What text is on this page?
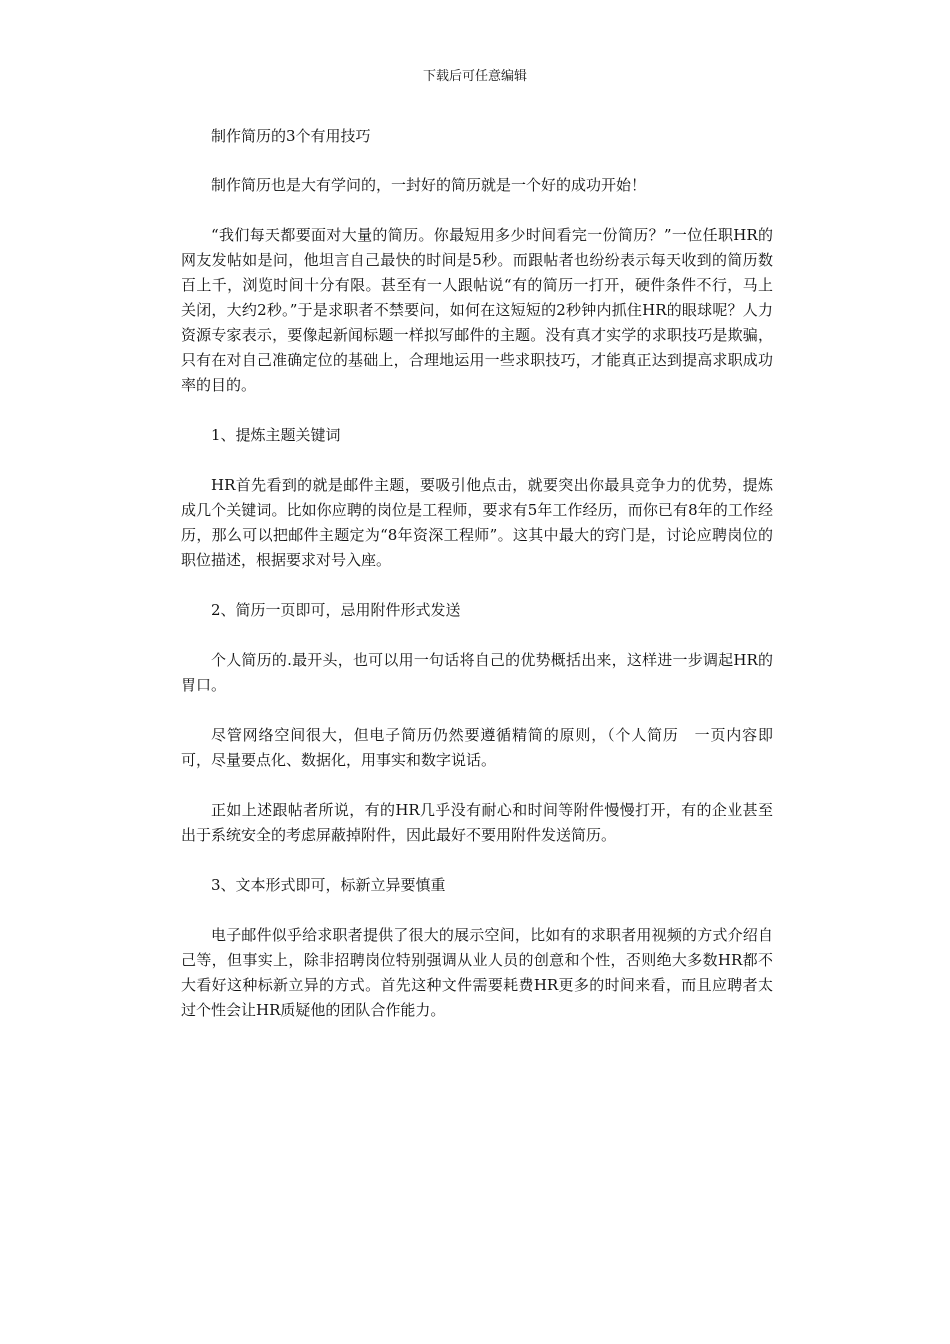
下载后可任意编辑

制作简历的3个有用技巧

制作简历也是大有学问的，一封好的简历就是一个好的成功开始！

“我们每天都要面对大量的简历。你最短用多少时间看完一份简历？”一位任职HR的网友发帖如是问，他坦言自己最快的时间是5秒。而跟帖者也纷纷表示每天收到的简历数百上千，浏览时间十分有限。甚至有一人跟帖说“有的简历一打开，硬件条件不行，马上关闭，大约2秒。”于是求职者不禁要问，如何在这短短的2秒钟内抓住HR的眼球呢？人力资源专家表示，要像起新闻标题一样拟写邮件的主题。没有真才实学的求职技巧是欺骗，只有在对自己准确定位的基础上，合理地运用一些求职技巧，才能真正达到提高求职成功率的目的。

1、提炼主题关键词

HR首先看到的就是邮件主题，要吸引他点击，就要突出你最具竞争力的优势，提炼成几个关键词。比如你应聘的岗位是工程师，要求有5年工作经历，而你已有8年的工作经历，那么可以把邮件主题定为“8年资深工程师”。这其中最大的窍门是，讨论应聘岗位的职位描述，根据要求对号入座。

2、简历一页即可，忌用附件形式发送

个人简历的.最开头，也可以用一句话将自己的优势概括出来，这样进一步调起HR的胃口。

尽管网络空间很大，但电子简历仍然要遵循精简的原则，（个人简历　一页内容即可，尽量要点化、数据化，用事实和数字说话。

正如上述跟帖者所说，有的HR几乎没有耐心和时间等附件慢慢打开，有的企业甚至出于系统安全的考虑屏蔽掉附件，因此最好不要用附件发送简历。

3、文本形式即可，标新立异要慎重

电子邮件似乎给求职者提供了很大的展示空间，比如有的求职者用视频的方式介绍自己等，但事实上，除非招聘岗位特别强调从业人员的创意和个性，否则绝大多数HR都不大看好这种标新立异的方式。首先这种文件需要耗费HR更多的时间来看，而且应聘者太过个性会让HR质疑他的团队合作能力。
